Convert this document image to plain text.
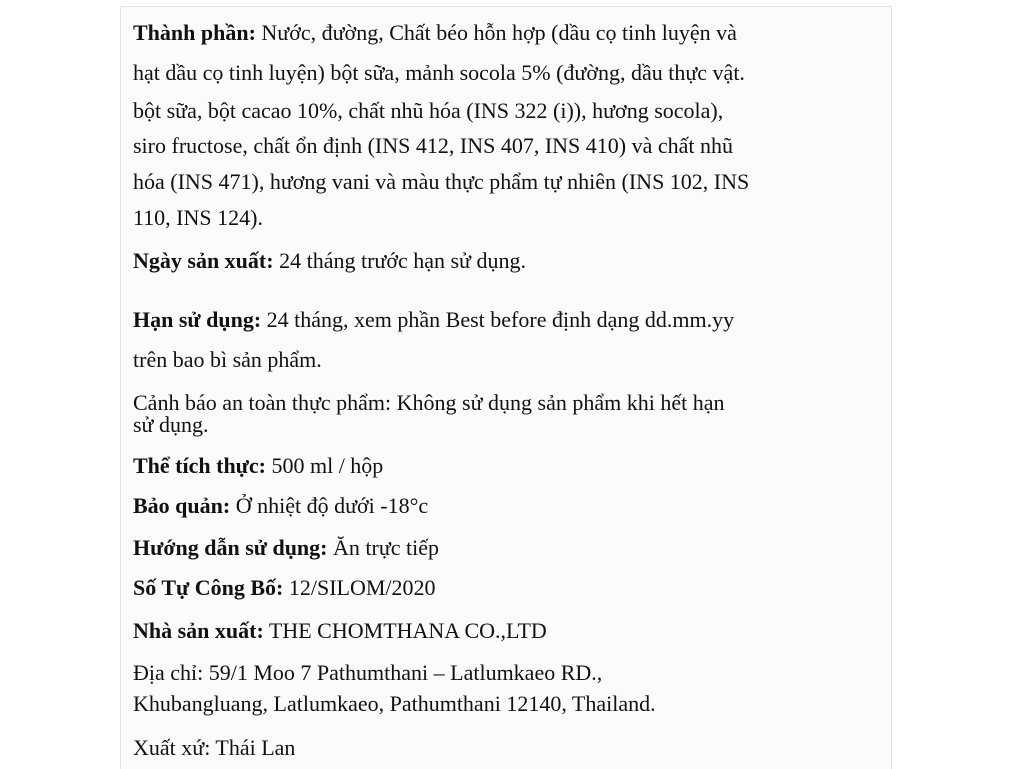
Thành phần: Nước, đường, Chất béo hỗn hợp (dầu cọ tinh luyện và

hạt dầu cọ tinh luyện) bột sữa, mảnh socola 5% (đường, dầu thực vật.

bột sữa, bột cacao 10%, chất nhũ hóa (INS 322 (i)), hương socola),

siro fructose, chất ổn định (INS 412, INS 407, INS 410) và chất nhũ

hóa (INS 471), hương vani và màu thực phẩm tự nhiên (INS 102, INS

110, INS 124).

Ngày sản xuất: 24 tháng trước hạn sử dụng.

Hạn sử dụng: 24 tháng, xem phần Best before định dạng dd.mm.yy

trên bao bì sản phẩm.

Cảnh báo an toàn thực phẩm: Không sử dụng sản phẩm khi hết hạn

sử dụng.

Thể tích thực: 500 ml / hộp

Bảo quản: Ở nhiệt độ dưới -18°c

Hướng dẫn sử dụng: Ăn trực tiếp

Số Tự Công Bố: 12/SILOM/2020

Nhà sản xuất: THE CHOMTHANA CO.,LTD

Địa chỉ: 59/1 Moo 7 Pathumthani – Latlumkaeo RD.,

Khubangluang, Latlumkaeo, Pathumthani 12140, Thailand.

Xuất xứ: Thái Lan
